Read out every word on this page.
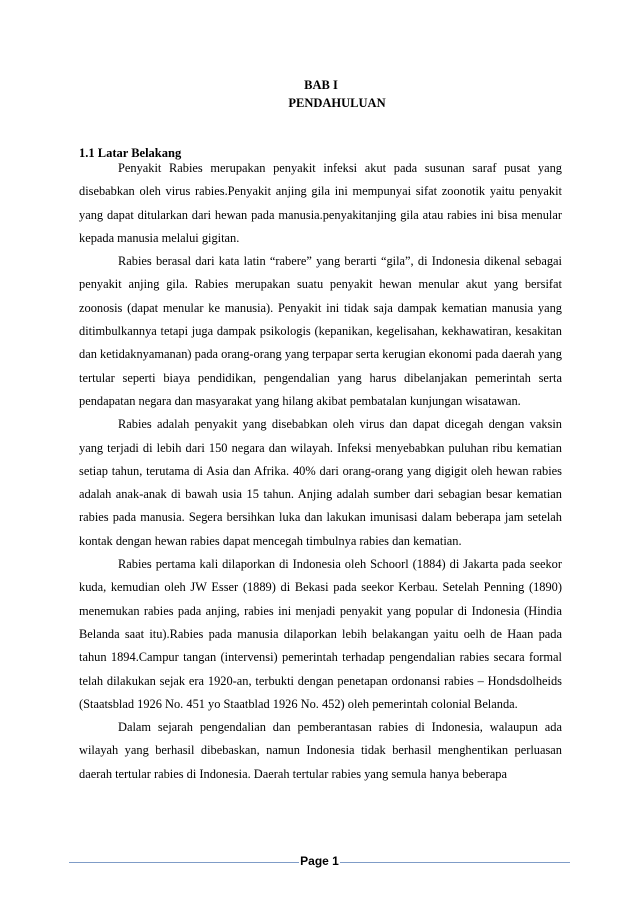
BAB I
PENDAHULUAN
1.1 Latar Belakang

Penyakit Rabies merupakan penyakit infeksi akut pada susunan saraf pusat yang disebabkan oleh virus rabies.Penyakit anjing gila ini mempunyai sifat zoonotik yaitu penyakit yang dapat ditularkan dari hewan pada manusia.penyakitanjing gila atau rabies ini bisa menular kepada manusia melalui gigitan.

Rabies berasal dari kata latin “rabere” yang berarti “gila”, di Indonesia dikenal sebagai penyakit anjing gila. Rabies merupakan suatu penyakit hewan menular akut yang bersifat zoonosis (dapat menular ke manusia). Penyakit ini tidak saja dampak kematian manusia yang ditimbulkannya tetapi juga dampak psikologis (kepanikan, kegelisahan, kekhawatiran, kesakitan dan ketidaknyamanan) pada orang-orang yang terpapar serta kerugian ekonomi pada daerah yang tertular seperti biaya pendidikan, pengendalian yang harus dibelanjakan pemerintah serta pendapatan negara dan masyarakat yang hilang akibat pembatalan kunjungan wisatawan.

Rabies adalah penyakit yang disebabkan oleh virus dan dapat dicegah dengan vaksin yang terjadi di lebih dari 150 negara dan wilayah. Infeksi menyebabkan puluhan ribu kematian setiap tahun, terutama di Asia dan Afrika. 40% dari orang-orang yang digigit oleh hewan rabies adalah anak-anak di bawah usia 15 tahun. Anjing adalah sumber dari sebagian besar kematian rabies pada manusia. Segera bersihkan luka dan lakukan imunisasi dalam beberapa jam setelah kontak dengan hewan rabies dapat mencegah timbulnya rabies dan kematian.

Rabies pertama kali dilaporkan di Indonesia oleh Schoorl (1884) di Jakarta pada seekor kuda, kemudian oleh JW Esser (1889) di Bekasi pada seekor Kerbau. Setelah Penning (1890) menemukan rabies pada anjing, rabies ini menjadi penyakit yang popular di Indonesia (Hindia Belanda saat itu).Rabies pada manusia dilaporkan lebih belakangan yaitu oelh de Haan pada tahun 1894.Campur tangan (intervensi) pemerintah terhadap pengendalian rabies secara formal telah dilakukan sejak era 1920-an, terbukti dengan penetapan ordonansi rabies – Hondsdolheids (Staatsblad 1926 No. 451 yo Staatblad 1926 No. 452) oleh pemerintah colonial Belanda.

Dalam sejarah pengendalian dan pemberantasan rabies di Indonesia, walaupun ada wilayah yang berhasil dibebaskan, namun Indonesia tidak berhasil menghentikan perluasan daerah tertular rabies di Indonesia. Daerah tertular rabies yang semula hanya beberapa

Page 1
